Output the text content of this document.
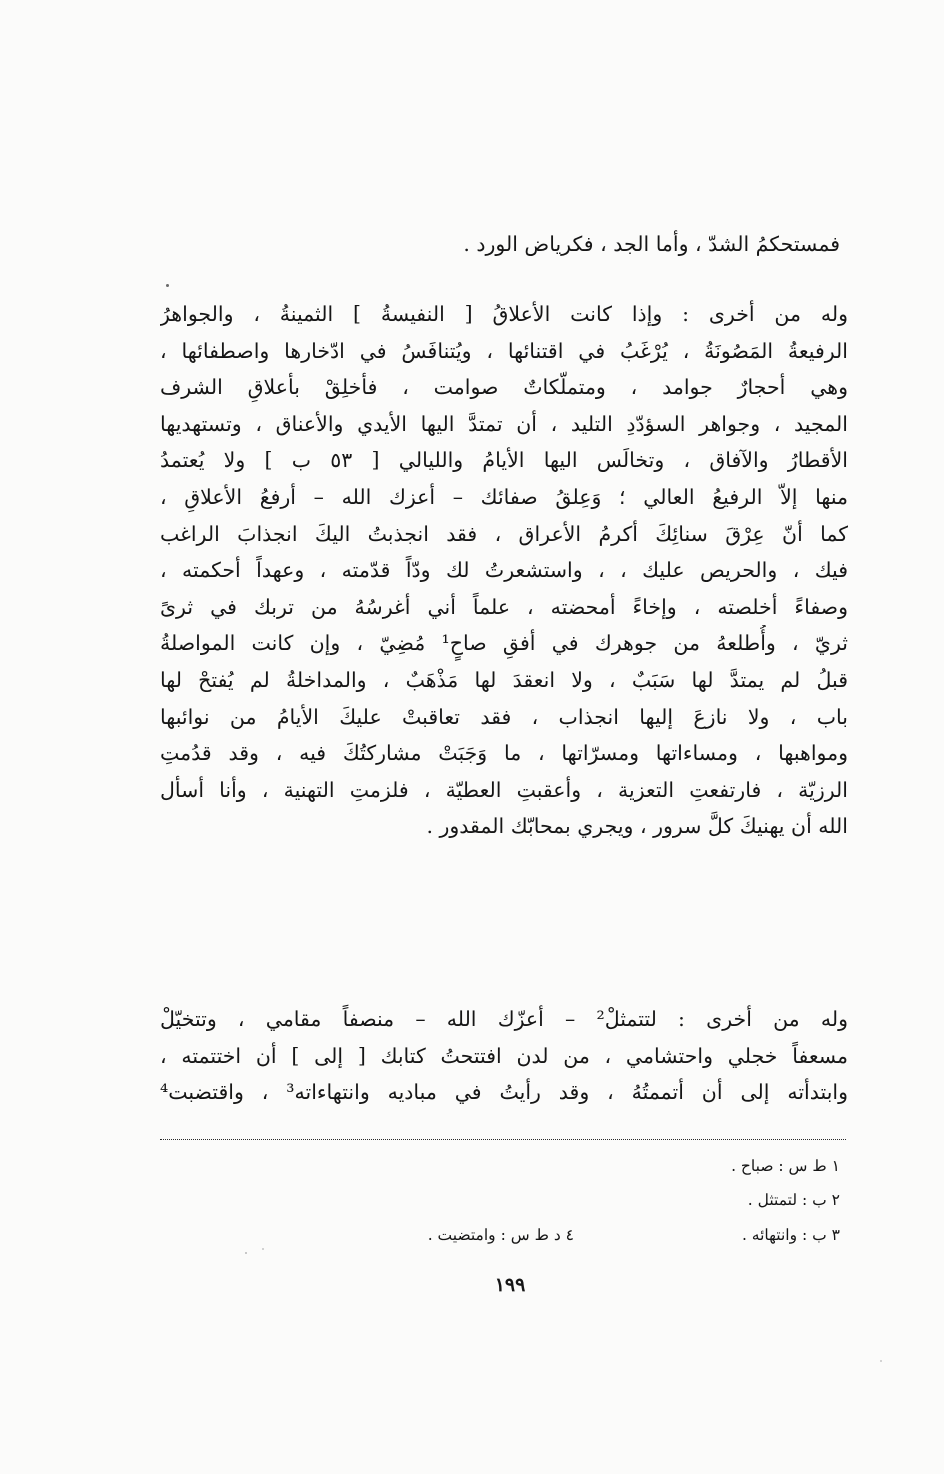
فمستحكمُ الشدّ ، وأما الجد ، فكرياض الورد .
وله من أخرى : وإذا كانت الأعلاقُ [ النفيسةُ ] الثمينةُ ، والجواهرُ
الرفيعةُ المَصُونَةُ ، يُرْغَبُ في اقتنائها ، ويُتنافَسُ في ادّخارها واصطفائها ،
وهي أحجارٌ جوامد ، ومتملّكاتٌ صوامت ، فأخلِقْ بأعلاقِ الشرف
المجيد ، وجواهر السؤدّدِ التليد ، أن تمتدَّ اليها الأيدي والأعناق ، وتستهديها
الأقطارُ والآفاق ، وتخالَس اليها الأيامُ والليالي [ ٥٣ ب ] ولا يُعتمدُ
منها إلاّ الرفيعُ العالي ؛ وَعِلقُ صفائك – أعزك الله – أرفعُ الأعلاقِ ،
كما أنّ عِرْقَ سنائِكَ أكرمُ الأعراق ، فقد انجذبتُ اليكَ انجذابَ الراغب
فيك ، والحريص عليك ، ، واستشعرتُ لك ودّاً قدّمته ، وعهداً أحكمته ،
وصفاءً أخلصته ، وإخاءً أمحضته ، علماً أني أغرسُهُ من تربك في ثرىً
ثريّ ، وأُطلعهُ من جوهرك في أفقِ صاحٍ¹ مُضِيّ ، وإن كانت المواصلةُ
قبلُ لم يمتدَّ لها سَبَبٌ ، ولا انعقدَ لها مَذْهَبٌ ، والمداخلةُ لم يُفتحْ لها
باب ، ولا نازعَ إليها انجذاب ، فقد تعاقبتْ عليكَ الأيامُ من نوائبها
ومواهبها ، ومساءاتها ومسرّاتها ، ما وَجَبَتْ مشاركتُكَ فيه ، وقد قدُمتِ
الرزيّة ، فارتفعتِ التعزية ، وأعقبتِ العطيّة ، فلزمتِ التهنية ، وأنا أسأل
الله أن يهنيكَ كلَّ سرور ، ويجري بمحابّك المقدور .
وله من أخرى : لتتمثلْ² – أعزّك الله – منصفاً مقامي ، وتتخيّلْ
مسعفاً خجلي واحتشامي ، من لدن افتتحتُ كتابك [ إلى ] أن اختتمته ،
وابتدأته إلى أن أتممتُهُ ، وقد رأيتُ في مباديه وانتهاءاته³ ، واقتضبت⁴
١ ط س : صباح .
٢ ب : لتمتثل .
٣ ب : وانتهائه .
٤ د ط س : وامتضيت .
١٩٩
